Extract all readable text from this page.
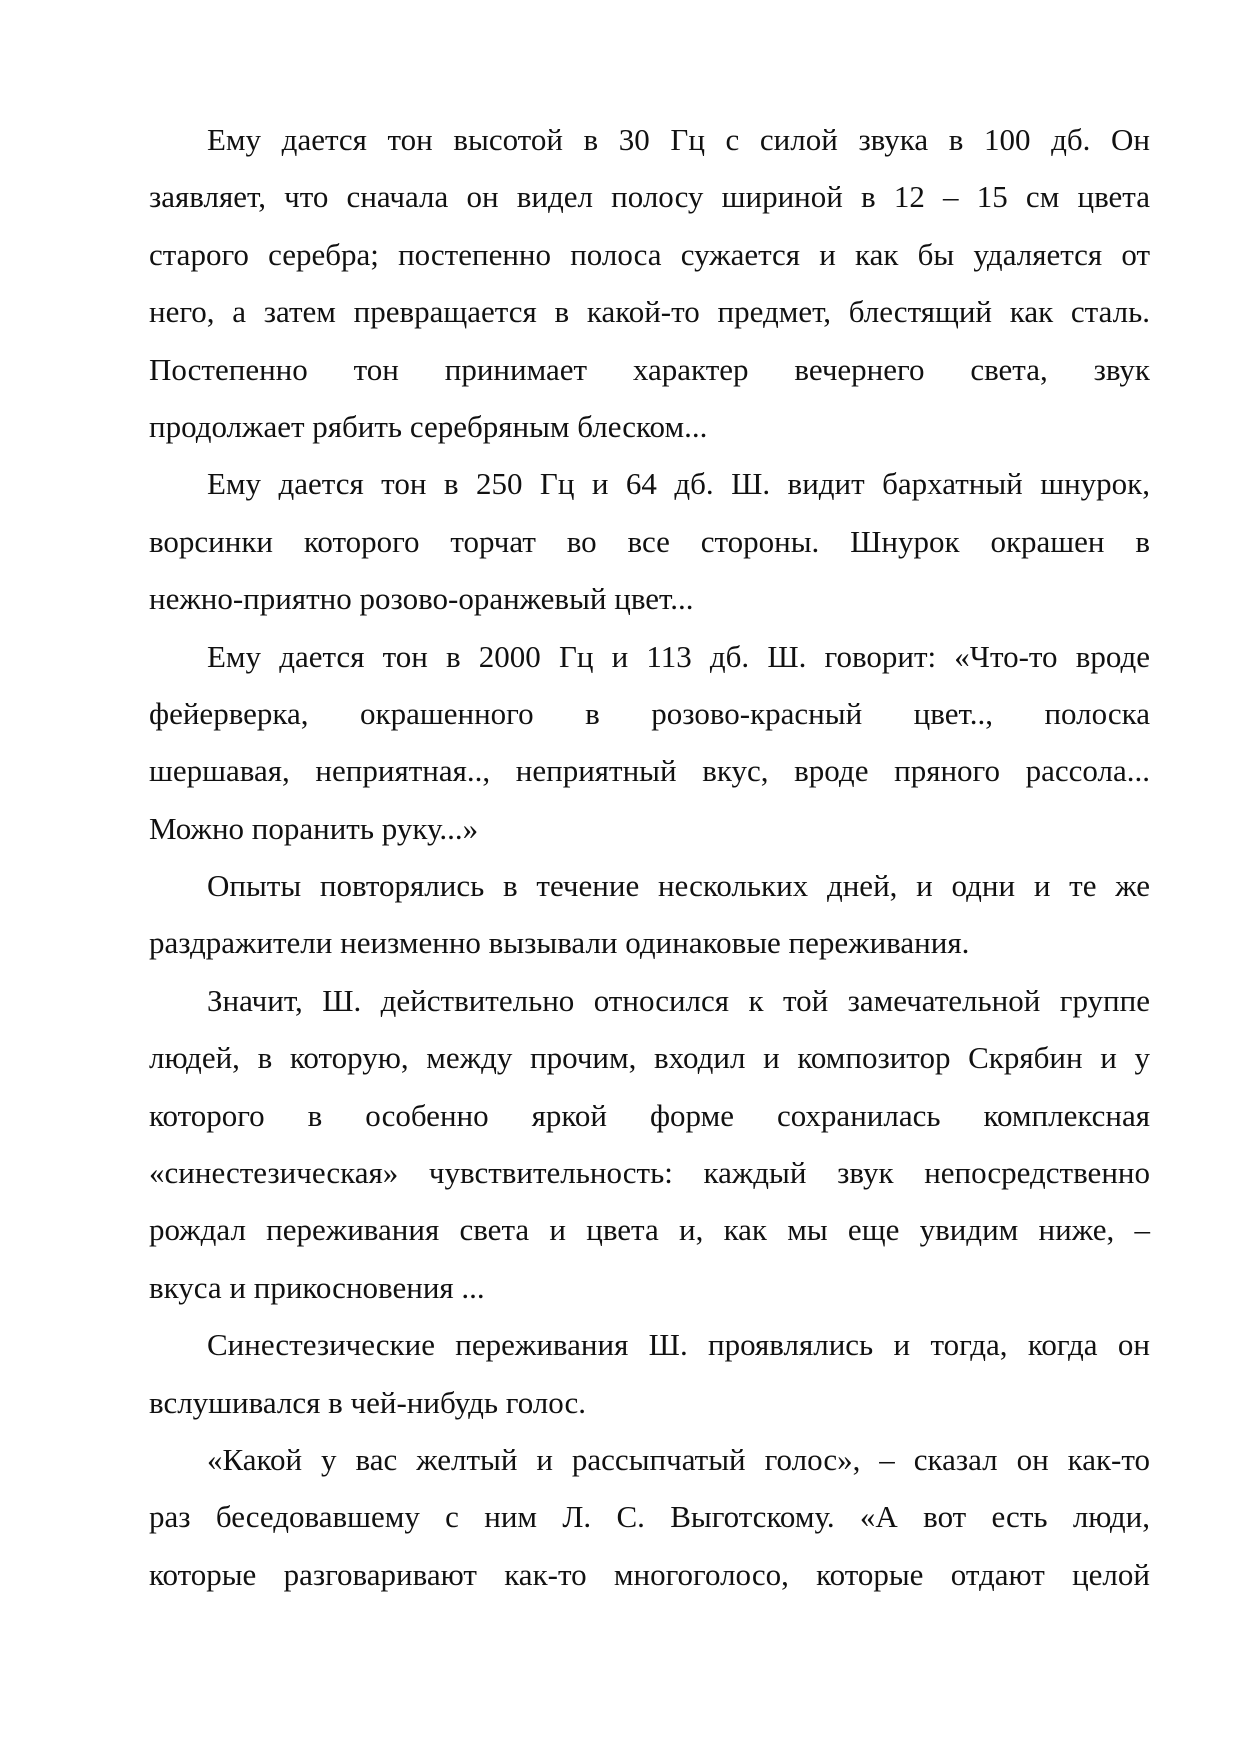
Ему дается тон высотой в 30 Гц с силой звука в 100 дб. Он
заявляет, что сначала он видел полосу шириной в 12 – 15 см цвета
старого серебра; постепенно полоса сужается и как бы удаляется от
него, а затем превращается в какой-то предмет, блестящий как сталь.
Постепенно тон принимает характер вечернего света, звук
продолжает рябить серебряным блеском...
Ему дается тон в 250 Гц и 64 дб. Ш. видит бархатный шнурок,
ворсинки которого торчат во все стороны. Шнурок окрашен в
нежно-приятно розово-оранжевый цвет...
Ему дается тон в 2000 Гц и 113 дб. Ш. говорит: «Что-то вроде
фейерверка, окрашенного в розово-красный цвет.., полоска
шершавая, неприятная.., неприятный вкус, вроде пряного рассола...
Можно поранить руку...»
Опыты повторялись в течение нескольких дней, и одни и те же
раздражители неизменно вызывали одинаковые переживания.
Значит, Ш. действительно относился к той замечательной группе
людей, в которую, между прочим, входил и композитор Скрябин и у
которого в особенно яркой форме сохранилась комплексная
«синестезическая» чувствительность: каждый звук непосредственно
рождал переживания света и цвета и, как мы еще увидим ниже, –
вкуса и прикосновения ...
Синестезические переживания Ш. проявлялись и тогда, когда он
вслушивался в чей-нибудь голос.
«Какой у вас желтый и рассыпчатый голос», – сказал он как-то
раз беседовавшему с ним Л. С. Выготскому. «А вот есть люди,
которые разговаривают как-то многоголосо, которые отдают целой
